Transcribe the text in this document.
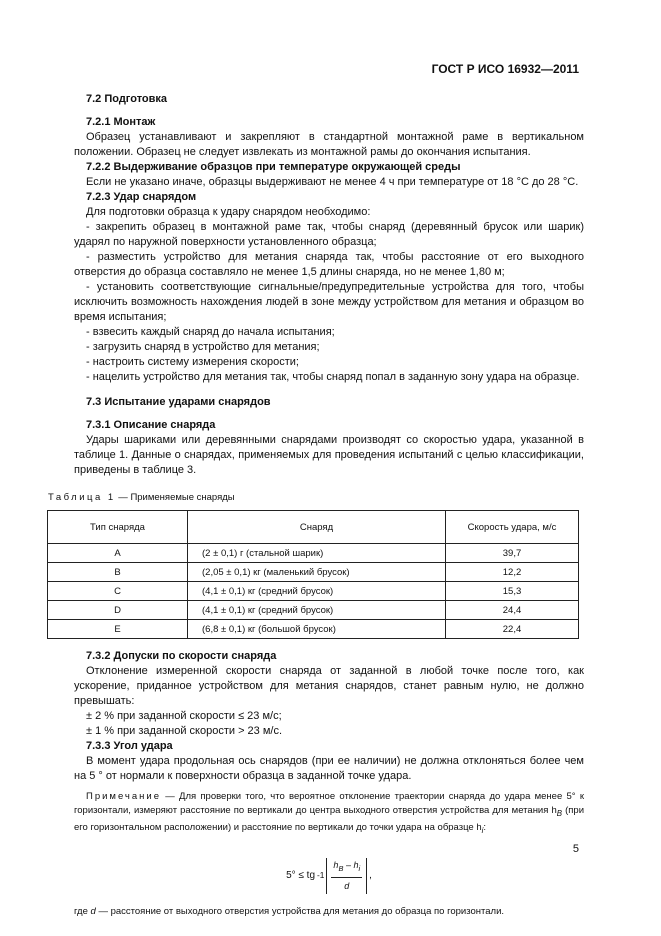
ГОСТ Р ИСО 16932—2011

7.2 Подготовка

7.2.1 Монтаж

Образец устанавливают и закрепляют в стандартной монтажной раме в вертикальном положении. Образец не следует извлекать из монтажной рамы до окончания испытания.

7.2.2 Выдерживание образцов при температуре окружающей среды

Если не указано иначе, образцы выдерживают не менее 4 ч при температуре от 18 °С до 28 °С.

7.2.3 Удар снарядом

Для подготовки образца к удару снарядом необходимо:

- закрепить образец в монтажной раме так, чтобы снаряд (деревянный брусок или шарик) ударял по наружной поверхности установленного образца;

- разместить устройство для метания снаряда так, чтобы расстояние от его выходного отверстия до образца составляло не менее 1,5 длины снаряда, но не менее 1,80 м;

- установить соответствующие сигнальные/предупредительные устройства для того, чтобы исключить возможность нахождения людей в зоне между устройством для метания и образцом во время испытания;

- взвесить каждый снаряд до начала испытания;

- загрузить снаряд в устройство для метания;

- настроить систему измерения скорости;

- нацелить устройство для метания так, чтобы снаряд попал в заданную зону удара на образце.

7.3 Испытание ударами снарядов

7.3.1 Описание снаряда

Удары шариками или деревянными снарядами производят со скоростью удара, указанной в таблице 1. Данные о снарядах, применяемых для проведения испытаний с целью классификации, приведены в таблице 3.

Таблица 1 — Применяемые снаряды
Тип снаряда	Снаряд	Скорость удара, м/с
A	(2 ± 0,1) г (стальной шарик)	39,7
B	(2,05 ± 0,1) кг (маленький брусок)	12,2
C	(4,1 ± 0,1) кг (средний брусок)	15,3
D	(4,1 ± 0,1) кг (средний брусок)	24,4
E	(6,8 ± 0,1) кг (большой брусок)	22,4

7.3.2 Допуски по скорости снаряда

Отклонение измеренной скорости снаряда от заданной в любой точке после того, как ускорение, приданное устройством для метания снарядов, станет равным нулю, не должно превышать:

± 2 % при заданной скорости ≤ 23 м/с;

± 1 % при заданной скорости > 23 м/с.

7.3.3 Угол удара

В момент удара продольная ось снарядов (при ее наличии) не должна отклоняться более чем на 5 ° от нормали к поверхности образца в заданной точке удара.

Примечание — Для проверки того, что вероятное отклонение траектории снаряда до удара менее 5° к горизонтали, измеряют расстояние по вертикали до центра выходного отверстия устройства для метания $h_B$ (при его горизонтальном расположении) и расстояние по вертикали до точки удара на образце $h_i$:

5° ≤ tg $-1 \frac{h_B - h_i}{d}$ ,

где d — расстояние от выходного отверстия устройства для метания до образца по горизонтали.

5
